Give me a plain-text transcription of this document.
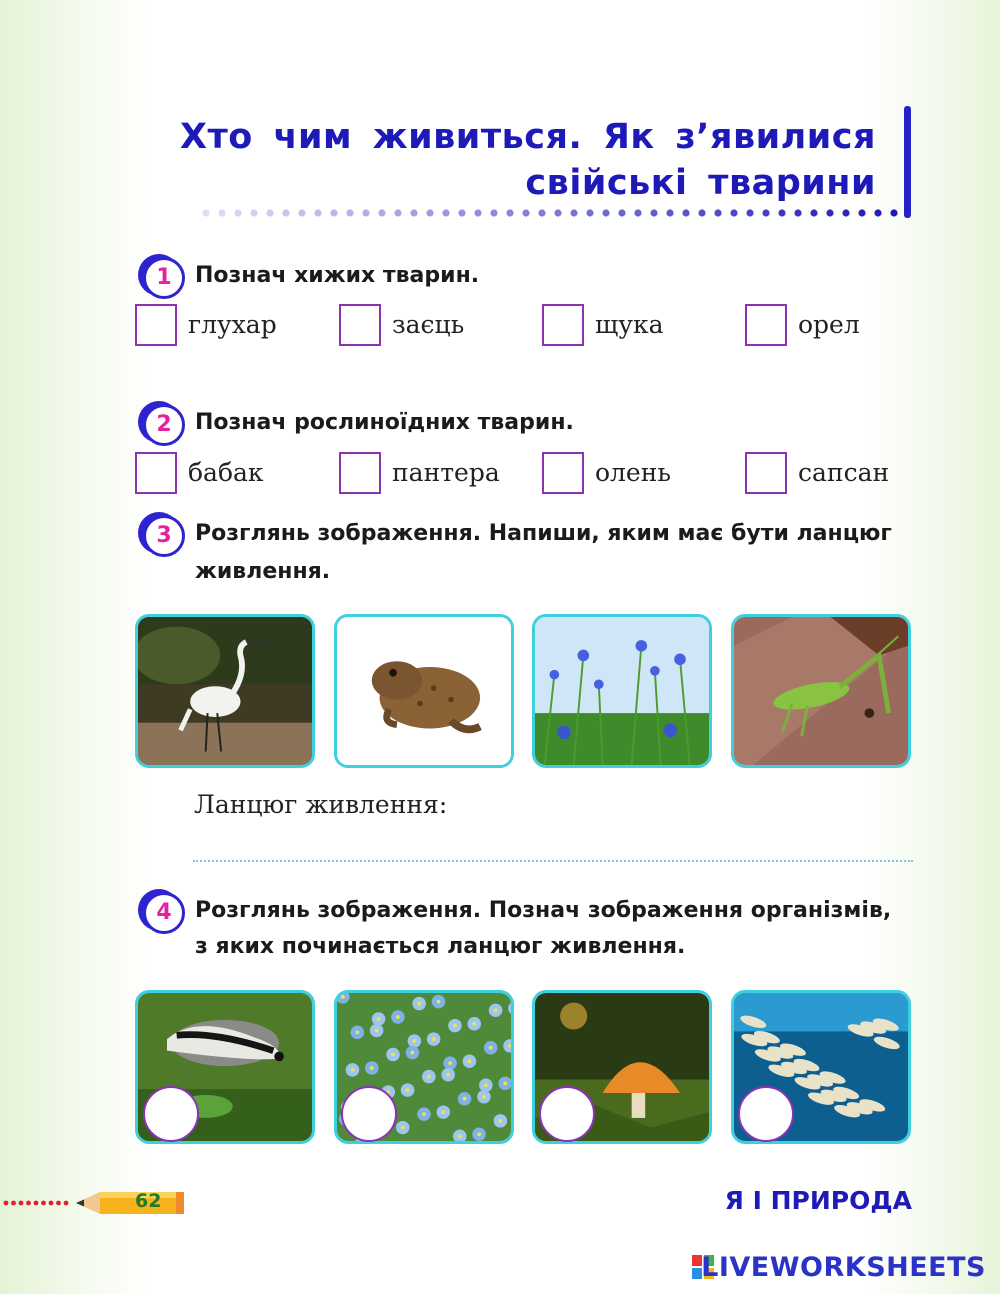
Хто чим живиться. Як з’явилися
свійські тварини
1	Познач хижих тварин.
глухар	заєць	щука	орел
2	Познач рослиноїдних тварин.
бабак	пантера	олень	сапсан
3	Розглянь зображення. Напиши, яким має бути ланцюг
живлення.
Ланцюг живлення:
4	Розглянь зображення. Познач зображення організмів,
з яких починається ланцюг живлення.
62	Я І ПРИРОДА
LIVEWORKSHEETS
